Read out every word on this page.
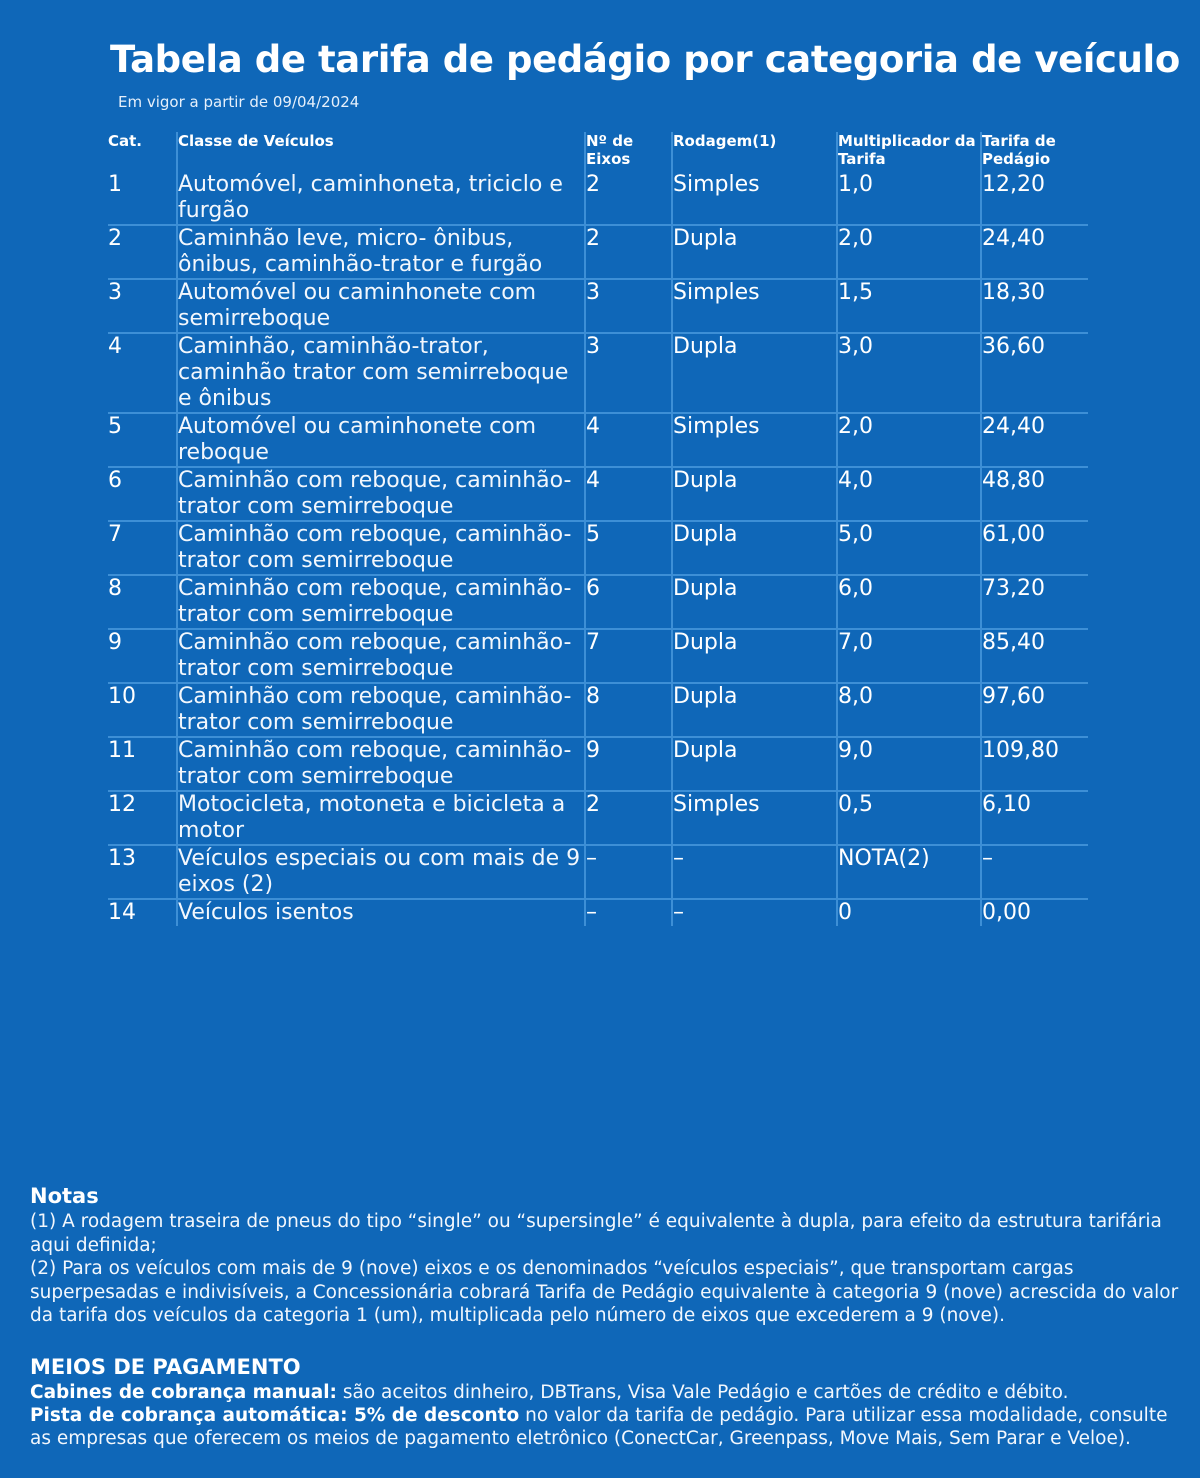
Tabela de tarifa de pedágio por categoria de veículo
Em vigor a partir de 09/04/2024
Cat.	Classe de Veículos	Nº de Eixos	Rodagem(1)	Multiplicador da Tarifa	Tarifa de Pedágio
1	Automóvel, caminhoneta, triciclo e furgão	2	Simples	1,0	12,20
2	Caminhão leve, micro- ônibus, ônibus, caminhão-trator e furgão	2	Dupla	2,0	24,40
3	Automóvel ou caminhonete com semirreboque	3	Simples	1,5	18,30
4	Caminhão, caminhão-trator, caminhão trator com semirreboque e ônibus	3	Dupla	3,0	36,60
5	Automóvel ou caminhonete com reboque	4	Simples	2,0	24,40
6	Caminhão com reboque, caminhão-trator com semirreboque	4	Dupla	4,0	48,80
7	Caminhão com reboque, caminhão-trator com semirreboque	5	Dupla	5,0	61,00
8	Caminhão com reboque, caminhão-trator com semirreboque	6	Dupla	6,0	73,20
9	Caminhão com reboque, caminhão-trator com semirreboque	7	Dupla	7,0	85,40
10	Caminhão com reboque, caminhão-trator com semirreboque	8	Dupla	8,0	97,60
11	Caminhão com reboque, caminhão-trator com semirreboque	9	Dupla	9,0	109,80
12	Motocicleta, motoneta e bicicleta a motor	2	Simples	0,5	6,10
13	Veículos especiais ou com mais de 9 eixos (2)	–	–	NOTA(2)	–
14	Veículos isentos	–	–	0	0,00
Notas

(1) A rodagem traseira de pneus do tipo “single” ou “supersingle” é equivalente à dupla, para efeito da estrutura tarifária aqui definida;

(2) Para os veículos com mais de 9 (nove) eixos e os denominados “veículos especiais”, que transportam cargas superpesadas e indivisíveis, a Concessionária cobrará Tarifa de Pedágio equivalente à categoria 9 (nove) acrescida do valor da tarifa dos veículos da categoria 1 (um), multiplicada pelo número de eixos que excederem a 9 (nove).

MEIOS DE PAGAMENTO

Cabines de cobrança manual: são aceitos dinheiro, DBTrans, Visa Vale Pedágio e cartões de crédito e débito.

Pista de cobrança automática: 5% de desconto no valor da tarifa de pedágio. Para utilizar essa modalidade, consulte as empresas que oferecem os meios de pagamento eletrônico (ConectCar, Greenpass, Move Mais, Sem Parar e Veloe).
